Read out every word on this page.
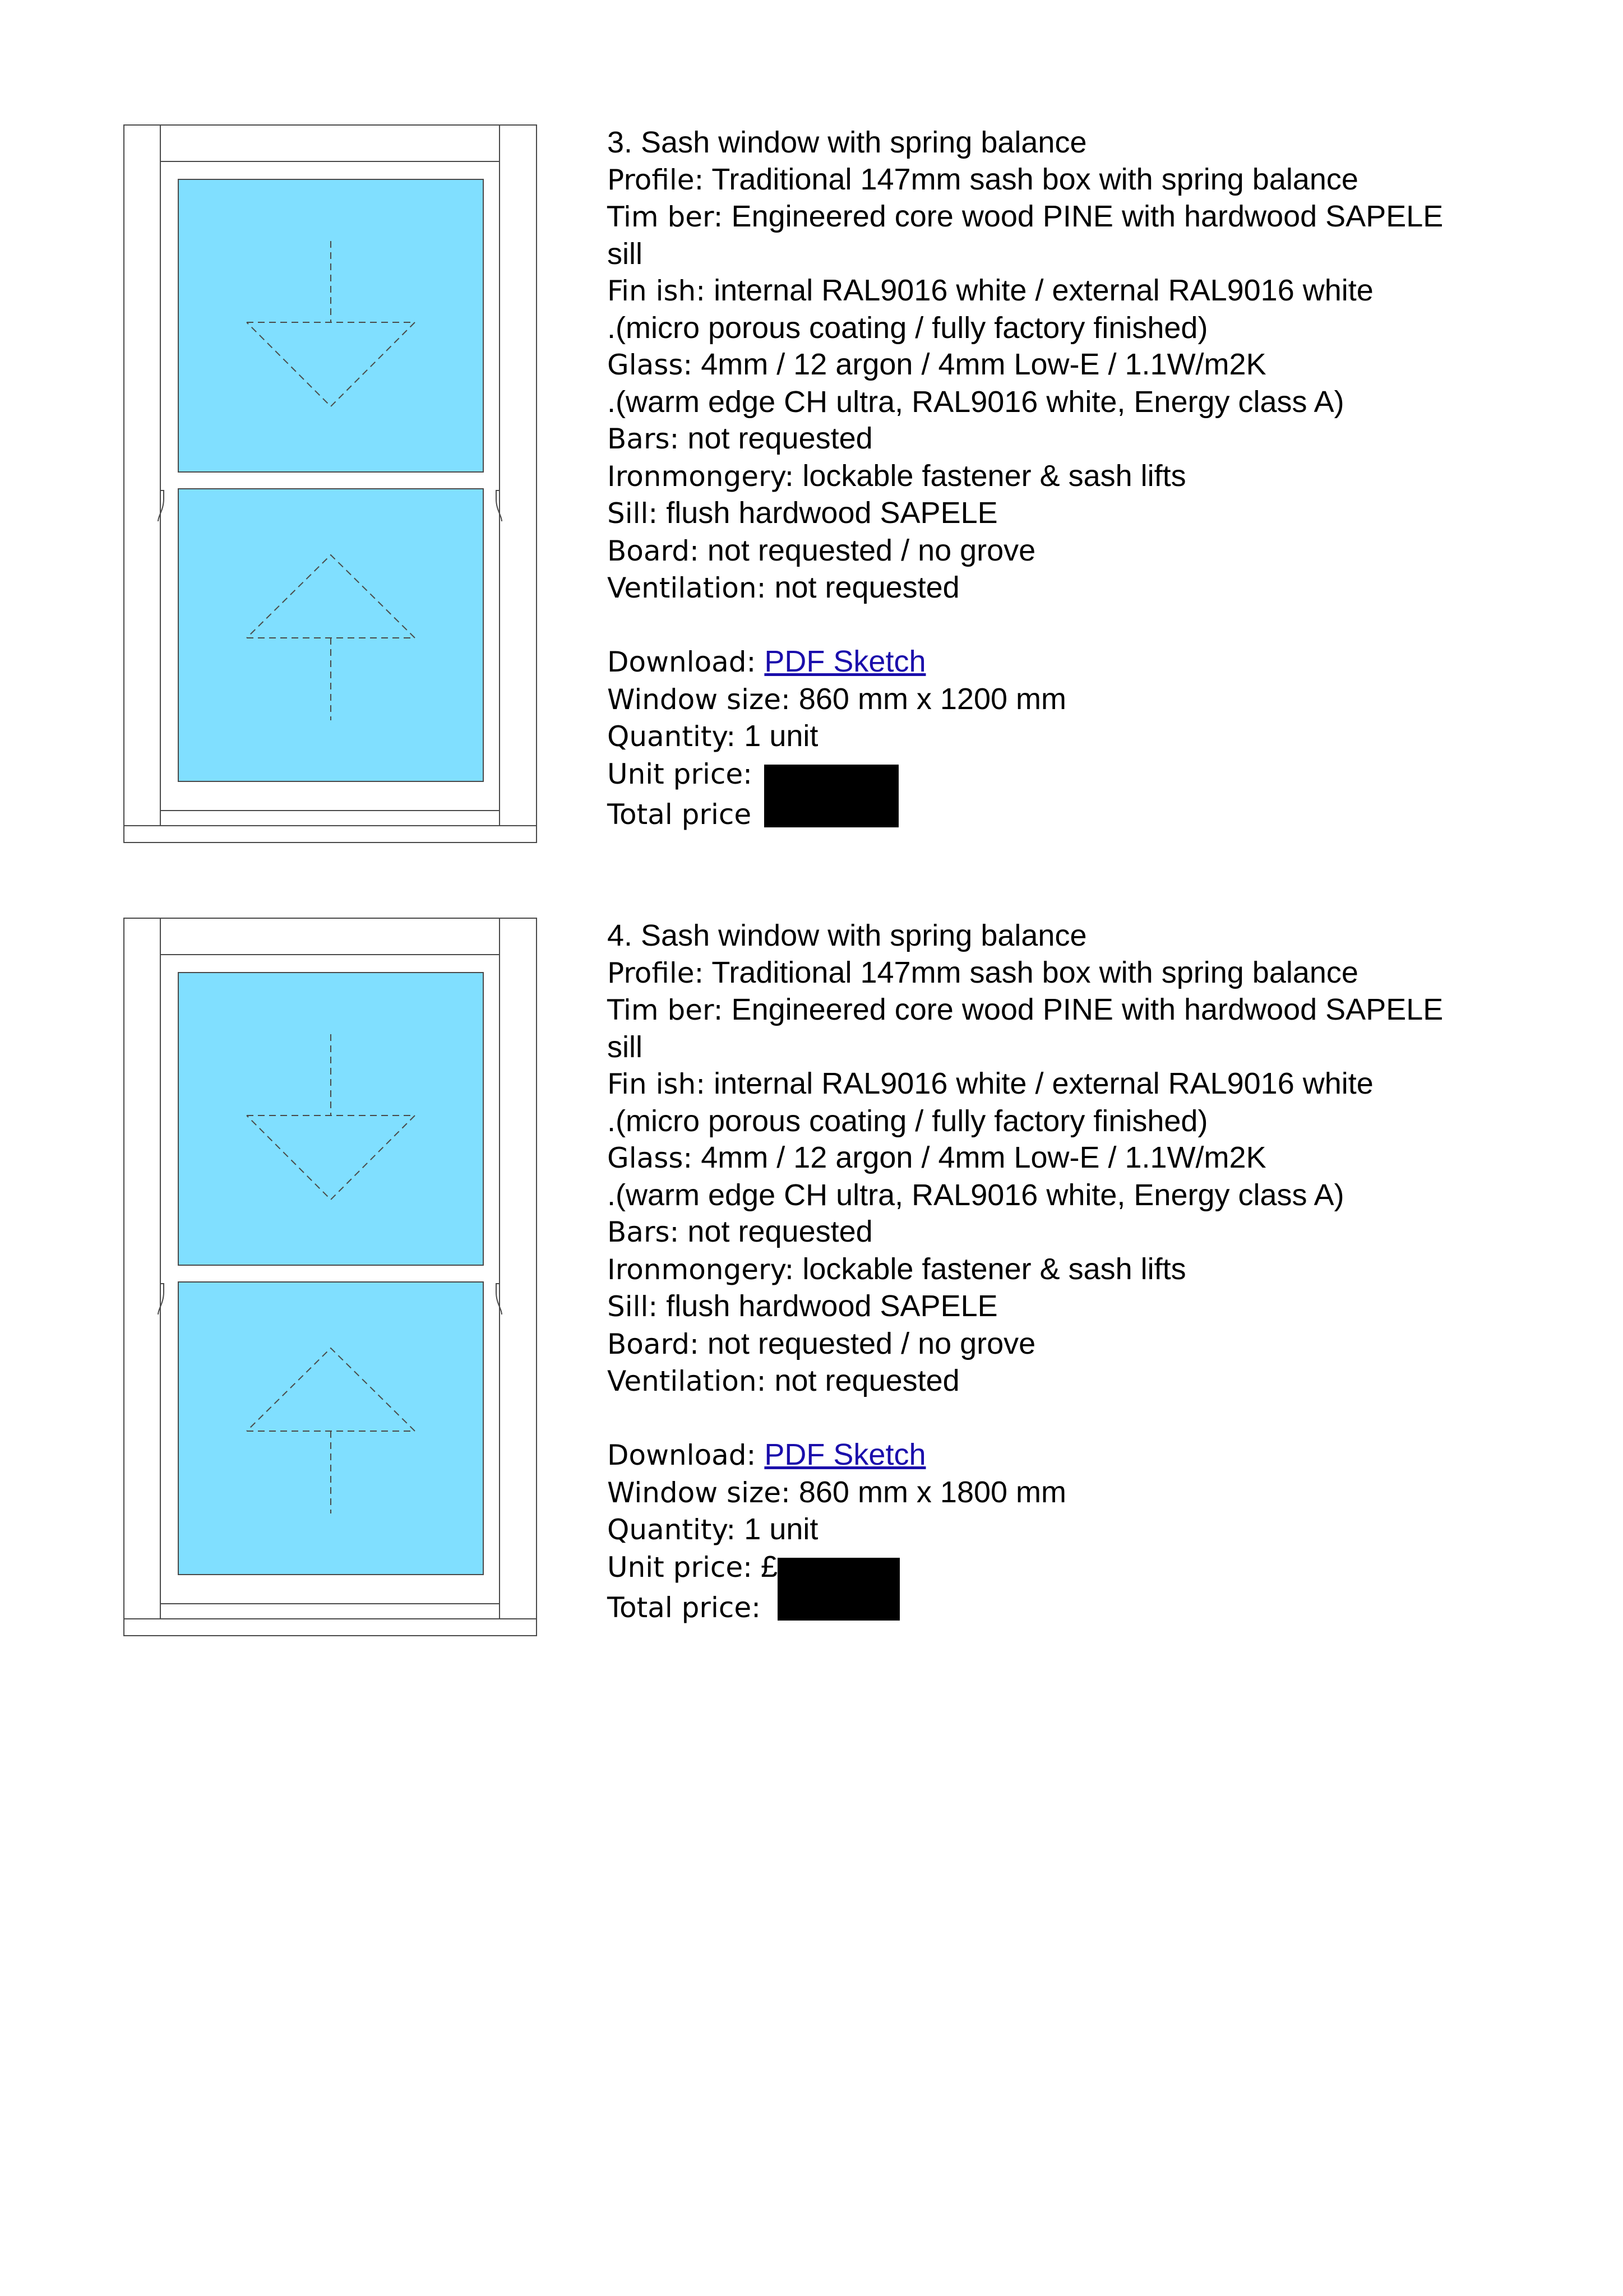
3. Sash window with spring balance
Profile: Traditional 147mm sash box with spring balance
Tim ber: Engineered core wood PINE with hardwood SAPELE
sill
Fin ish: internal RAL9016 white / external RAL9016 white
.(micro porous coating / fully factory finished)
Glass: 4mm / 12 argon / 4mm Low-E / 1.1W/m2K
.(warm edge CH ultra, RAL9016 white, Energy class A)
Bars: not requested
Ironmongery: lockable fastener & sash lifts
Sill: flush hardwood SAPELE
Board: not requested / no grove
Ventilation: not requested
Download: PDF Sketch
Window size: 860 mm x 1200 mm
Quantity: 1 unit
Unit price:
Total price
4. Sash window with spring balance
Profile: Traditional 147mm sash box with spring balance
Tim ber: Engineered core wood PINE with hardwood SAPELE
sill
Fin ish: internal RAL9016 white / external RAL9016 white
.(micro porous coating / fully factory finished)
Glass: 4mm / 12 argon / 4mm Low-E / 1.1W/m2K
.(warm edge CH ultra, RAL9016 white, Energy class A)
Bars: not requested
Ironmongery: lockable fastener & sash lifts
Sill: flush hardwood SAPELE
Board: not requested / no grove
Ventilation: not requested
Download: PDF Sketch
Window size: 860 mm x 1800 mm
Quantity: 1 unit
Unit price: £
Total price:
